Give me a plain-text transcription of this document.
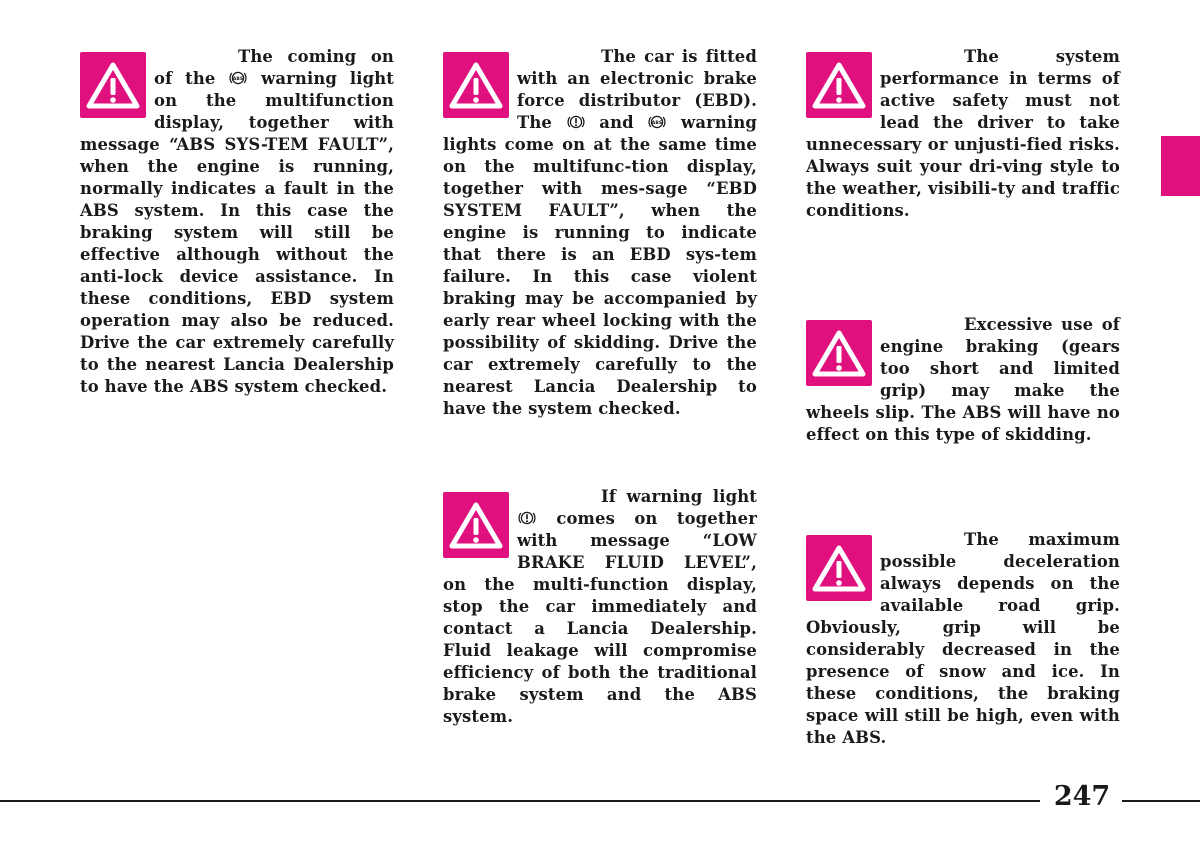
The coming on of the ABS warning light on the multifunction display, together with message “ABS SYS-TEM FAULT”, when the engine is running, normally indicates a fault in the ABS system. In this case the braking system will still be effective although without the anti-lock device assistance. In these conditions, EBD system operation may also be reduced. Drive the car extremely carefully to the nearest Lancia Dealership to have the ABS system checked.
The car is fitted with an electronic brake force distributor (EBD). The
and ABS warning lights come on at the same time on the multifunc-tion display, together with mes-sage “EBD SYSTEM FAULT”, when the engine is running to indicate that there is an EBD sys-tem failure. In this case violent braking may be accompanied by early rear wheel locking with the possibility of skidding. Drive the car extremely carefully to the nearest Lancia Dealership to have the system checked.
If warning light
comes on together with message “LOW BRAKE FLUID LEVEL”, on the multi-function display, stop the car immediately and contact a Lancia Dealership. Fluid leakage will compromise efficiency of both the traditional brake system and the ABS system.
The system performance in terms of active safety must not lead the driver to take unnecessary or unjusti-fied risks. Always suit your dri-ving style to the weather, visibili-ty and traffic conditions.
Excessive use of engine braking (gears too short and limited grip) may make the wheels slip. The ABS will have no effect on this type of skidding.
The maximum possible deceleration always depends on the available road grip. Obviously, grip will be considerably decreased in the presence of snow and ice. In these conditions, the braking space will still be high, even with the ABS.
247
